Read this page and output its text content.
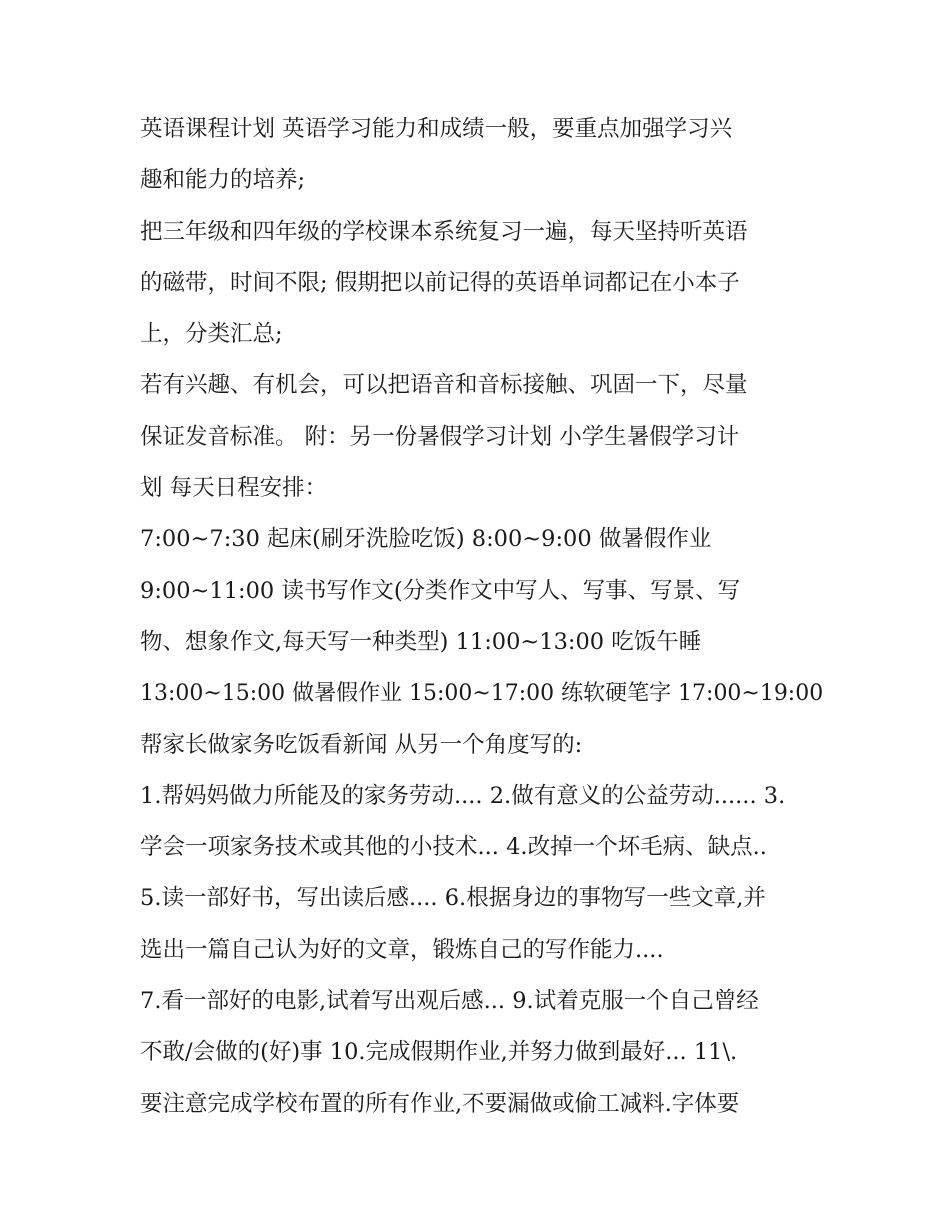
英语课程计划 英语学习能力和成绩一般，要重点加强学习兴
趣和能力的培养;
把三年级和四年级的学校课本系统复习一遍，每天坚持听英语
的磁带，时间不限; 假期把以前记得的英语单词都记在小本子
上，分类汇总;
若有兴趣、有机会，可以把语音和音标接触、巩固一下，尽量
保证发音标准。 附：另一份暑假学习计划 小学生暑假学习计
划 每天日程安排：
7:00~7:30 起床(刷牙洗脸吃饭) 8:00~9:00 做暑假作业
9:00~11:00 读书写作文(分类作文中写人、写事、写景、写
物、想象作文,每天写一种类型) 11:00~13:00 吃饭午睡
13:00~15:00 做暑假作业 15:00~17:00 练软硬笔字 17:00~19:00
帮家长做家务吃饭看新闻 从另一个角度写的:
1.帮妈妈做力所能及的家务劳动.... 2.做有意义的公益劳动...... 3.
学会一项家务技术或其他的小技术... 4.改掉一个坏毛病、缺点..
5.读一部好书，写出读后感.... 6.根据身边的事物写一些文章,并
选出一篇自己认为好的文章，锻炼自己的写作能力....
7.看一部好的电影,试着写出观后感... 9.试着克服一个自己曾经
不敢/会做的(好)事 10.完成假期作业,并努力做到最好... 11\.
要注意完成学校布置的所有作业,不要漏做或偷工减料.字体要
